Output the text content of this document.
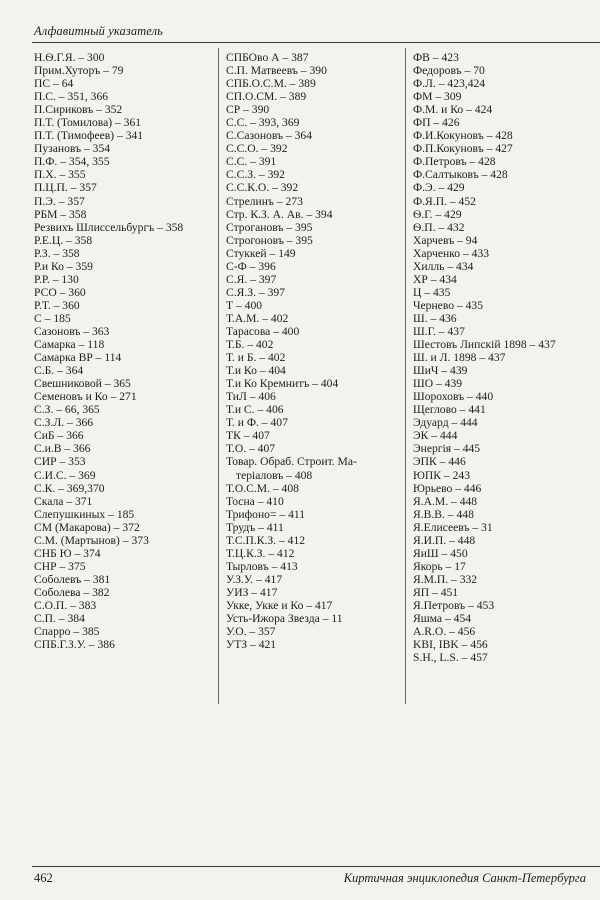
Алфавитный указатель
Н.Ѳ.Г.Я. – 300
Прим.Хуторъ – 79
ПС – 64
П.С. – 351, 366
П.Сириковъ – 352
П.Т. (Томилова) – 361
П.Т. (Тимофеев) – 341
Пузановъ – 354
П.Ф. – 354, 355
П.Х. – 355
П.Ц.П. – 357
П.Э. – 357
РБМ – 358
Резвихъ Шлиссельбургъ – 358
Р.Е.Ц. – 358
Р.З. – 358
Р.и Ко – 359
Р.Р. – 130
РСО – 360
Р.Т. – 360
С – 185
Сазоновъ – 363
Самарка – 118
Самарка ВР – 114
С.Б. – 364
Свешниковой – 365
Семеновъ и Ко – 271
С.З. – 66, 365
С.З.Л. – 366
СиБ – 366
С.и.В – 366
СИР – 353
С.И.С. – 369
С.К. – 369,370
Скала – 371
Слепушкиных – 185
СМ (Макарова) – 372
С.М. (Мартынов) – 373
СНБ Ю – 374
СНР – 375
Соболевъ – 381
Соболева – 382
С.О.П. – 383
С.П. – 384
Спарро – 385
СПБ.Г.З.У. – 386
СПБОво А – 387
С.П. Матвеевъ – 390
СПБ.О.С.М. – 389
СП.О.СМ. – 389
СР – 390
С.С. – 393, 369
С.Сазоновъ – 364
С.С.О. – 392
С.С. – 391
С.С.З. – 392
С.С.К.О. – 392
Стрелинъ – 273
Стр. К.З. А. Ав. – 394
Строгановъ – 395
Строгоновъ – 395
Стуккей – 149
С-Ф – 396
С.Я. – 397
С.Я.З. – 397
Т – 400
Т.А.М. – 402
Тарасова – 400
Т.Б. – 402
Т. и Б. – 402
Т.и Ко – 404
Т.и Ко Кремнитъ – 404
ТиЛ – 406
Т.и С. – 406
Т. и Ф. – 407
ТК – 407
Т.О. – 407
Товар. Обраб. Строит. Ма-
теріаловъ – 408
Т.О.С.М. – 408
Тосна – 410
Трифоно= – 411
Трудъ – 411
Т.С.П.К.З. – 412
Т.Ц.К.З. – 412
Тырловъ – 413
У.З.У. – 417
УИЗ – 417
Укке, Укке и Ко – 417
Усть-Ижора Звезда – 11
У.О. – 357
УТЗ – 421
ФВ – 423
Федоровъ – 70
Ф.Л. – 423,424
ФМ – 309
Ф.М. и Ко – 424
ФП – 426
Ф.И.Кокуновъ – 428
Ф.П.Кокуновъ – 427
Ф.Петровъ – 428
Ф.Салтыковъ – 428
Ф.Э. – 429
Ф.Я.П. – 452
Ѳ.Г. – 429
Ѳ.П. – 432
Харчевъ – 94
Харченко – 433
Хилль – 434
ХР – 434
Ц – 435
Чернево – 435
Ш. – 436
Ш.Г. – 437
Шестовъ Липскій 1898 – 437
Ш. и Л. 1898 – 437
ШиЧ – 439
ШО – 439
Шороховъ – 440
Щеглово – 441
Эдуард – 444
ЭК – 444
Энергія – 445
ЭПК – 446
ЮПК – 243
Юрьево – 446
Я.А.М. – 448
Я.В.В. – 448
Я.Елисеевъ – 31
Я.И.П. – 448
ЯиШ – 450
Якорь – 17
Я.М.П. – 332
ЯП – 451
Я.Петровъ – 453
Яшма – 454
A.R.O. – 456
KBI, IBK – 456
S.H., L.S. – 457
462	Киртичная энциклопедия Санкт-Петербурга
